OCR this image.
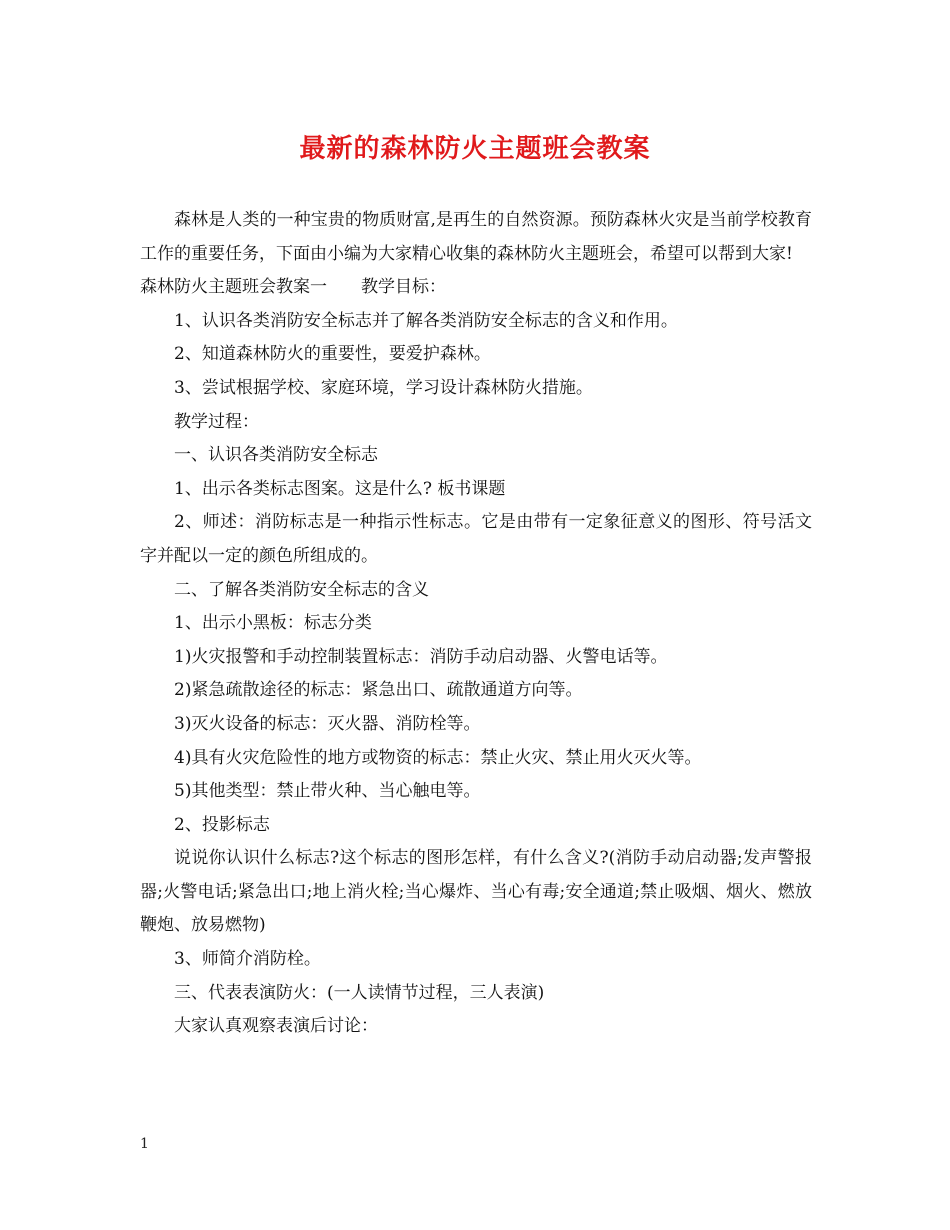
最新的森林防火主题班会教案

森林是人类的一种宝贵的物质财富,是再生的自然资源。预防森林火灾是当前学校教育工作的重要任务，下面由小编为大家精心收集的森林防火主题班会，希望可以帮到大家!

森林防火主题班会教案一　　教学目标：

1、认识各类消防安全标志并了解各类消防安全标志的含义和作用。

2、知道森林防火的重要性，要爱护森林。

3、尝试根据学校、家庭环境，学习设计森林防火措施。

教学过程：

一、认识各类消防安全标志

1、出示各类标志图案。这是什么? 板书课题

2、师述：消防标志是一种指示性标志。它是由带有一定象征意义的图形、符号活文字并配以一定的颜色所组成的。

二、了解各类消防安全标志的含义

1、出示小黑板：标志分类

1)火灾报警和手动控制装置标志：消防手动启动器、火警电话等。

2)紧急疏散途径的标志：紧急出口、疏散通道方向等。

3)灭火设备的标志：灭火器、消防栓等。

4)具有火灾危险性的地方或物资的标志：禁止火灾、禁止用火灭火等。

5)其他类型：禁止带火种、当心触电等。

2、投影标志

说说你认识什么标志?这个标志的图形怎样，有什么含义?(消防手动启动器;发声警报器;火警电话;紧急出口;地上消火栓;当心爆炸、当心有毒;安全通道;禁止吸烟、烟火、燃放鞭炮、放易燃物)

3、师简介消防栓。

三、代表表演防火：(一人读情节过程，三人表演)

大家认真观察表演后讨论：

1
